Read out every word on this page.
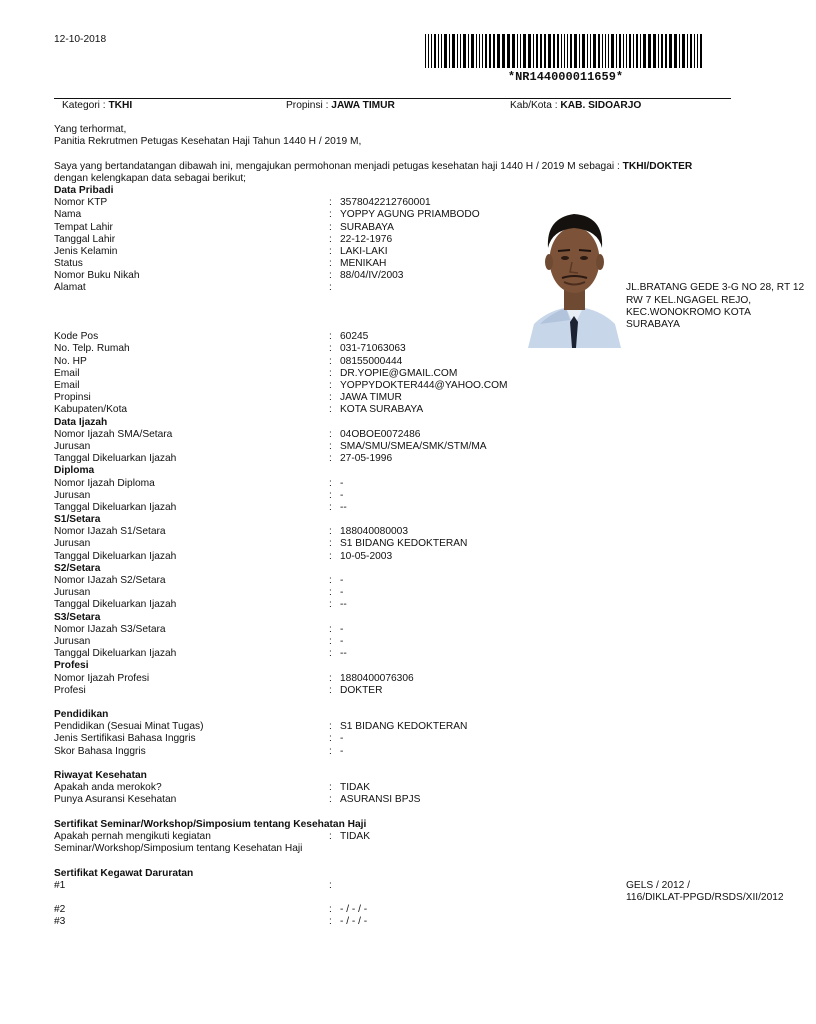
12-10-2018
*NR144000011659*
Kategori : TKHI	Propinsi : JAWA TIMUR	Kab/Kota : KAB. SIDOARJO
Yang terhormat,
Panitia Rekrutmen Petugas Kesehatan Haji Tahun 1440 H / 2019 M,
Saya yang bertandatangan dibawah ini, mengajukan permohonan menjadi petugas kesehatan haji 1440 H / 2019 M sebagai : TKHI/DOKTER
dengan kelengkapan data sebagai berikut;
Data Pribadi
Nomor KTP	: 3578042212760001
Nama	: YOPPY AGUNG PRIAMBODO
Tempat Lahir	: SURABAYA
Tanggal Lahir	: 22-12-1976
Jenis Kelamin	: LAKI-LAKI
Status	: MENIKAH
Nomor Buku Nikah	: 88/04/IV/2003
Alamat	:	JL.BRATANG GEDE 3-G NO 28, RT 12
RW 7 KEL.NGAGEL REJO,
KEC.WONOKROMO KOTA
SURABAYA
Kode Pos	: 60245
No. Telp. Rumah	: 031-71063063
No. HP	: 08155000444
Email	: DR.YOPIE@GMAIL.COM
Email	: YOPPYDOKTER444@YAHOO.COM
Propinsi	: JAWA TIMUR
Kabupaten/Kota	: KOTA SURABAYA
Data Ijazah
Nomor Ijazah SMA/Setara	: 04OBOE0072486
Jurusan	: SMA/SMU/SMEA/SMK/STM/MA
Tanggal Dikeluarkan Ijazah	: 27-05-1996
Diploma
Nomor Ijazah Diploma	: -
Jurusan	: -
Tanggal Dikeluarkan Ijazah	: --
S1/Setara
Nomor IJazah S1/Setara	: 188040080003
Jurusan	: S1 BIDANG KEDOKTERAN
Tanggal Dikeluarkan Ijazah	: 10-05-2003
S2/Setara
Nomor IJazah S2/Setara	: -
Jurusan	: -
Tanggal Dikeluarkan Ijazah	: --
S3/Setara
Nomor IJazah S3/Setara	: -
Jurusan	: -
Tanggal Dikeluarkan Ijazah	: --
Profesi
Nomor Ijazah Profesi	: 1880400076306
Profesi	: DOKTER
Pendidikan
Pendidikan (Sesuai Minat Tugas)	: S1 BIDANG KEDOKTERAN
Jenis Sertifikasi Bahasa Inggris	: -
Skor Bahasa Inggris	: -
Riwayat Kesehatan
Apakah anda merokok?	: TIDAK
Punya Asuransi Kesehatan	: ASURANSI BPJS
Sertifikat Seminar/Workshop/Simposium tentang Kesehatan Haji
Apakah pernah mengikuti kegiatan
Seminar/Workshop/Simposium tentang Kesehatan Haji
: TIDAK
Sertifikat Kegawat Daruratan
#1	:	GELS / 2012 /
116/DIKLAT-PPGD/RSDS/XII/2012
#2	: - / - / -
#3	: - / - / -
